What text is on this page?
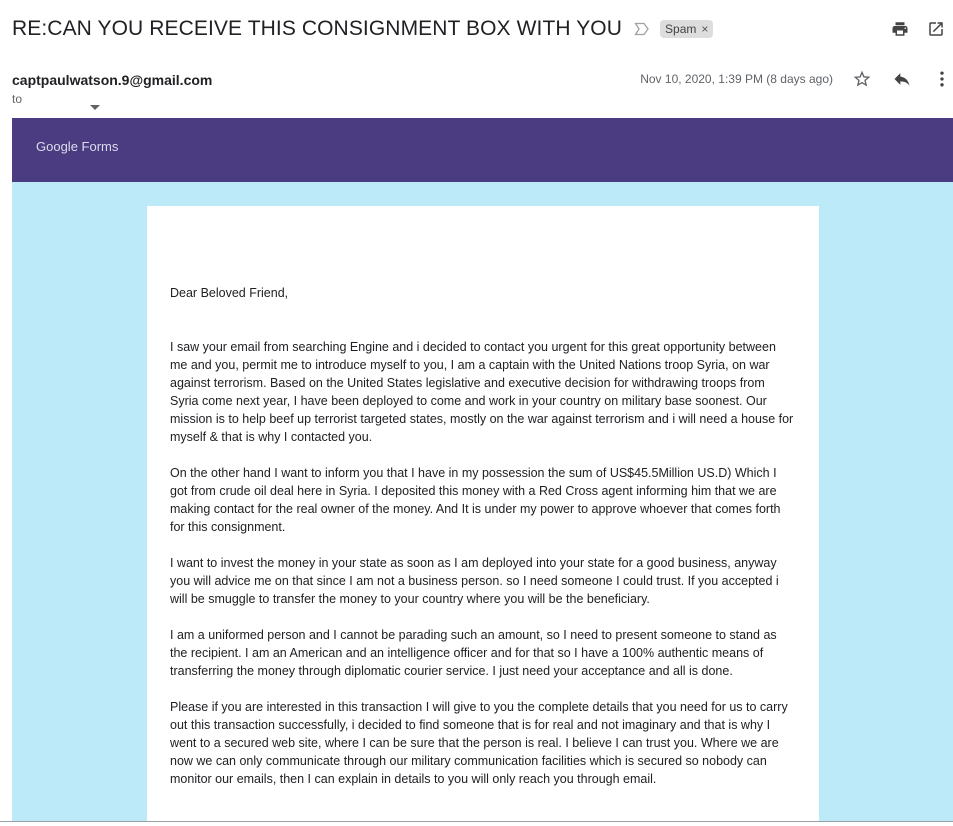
RE:CAN YOU RECEIVE THIS CONSIGNMENT BOX WITH YOU	Spam ×
captpaulwatson.9@gmail.com
to
Nov 10, 2020, 1:39 PM (8 days ago)
Google Forms

Dear Beloved Friend,

I saw your email from searching Engine and i decided to contact you urgent for this great opportunity between me and you, permit me to introduce myself to you, I am a captain with the United Nations troop Syria, on war against terrorism. Based on the United States legislative and executive decision for withdrawing troops from Syria come next year, I have been deployed to come and work in your country on military base soonest. Our mission is to help beef up terrorist targeted states, mostly on the war against terrorism and i will need a house for myself & that is why I contacted you.

On the other hand I want to inform you that I have in my possession the sum of US$45.5Million US.D) Which I got from crude oil deal here in Syria. I deposited this money with a Red Cross agent informing him that we are making contact for the real owner of the money. And It is under my power to approve whoever that comes forth for this consignment.

I want to invest the money in your state as soon as I am deployed into your state for a good business, anyway you will advice me on that since I am not a business person. so I need someone I could trust. If you accepted i will be smuggle to transfer the money to your country where you will be the beneficiary.

I am a uniformed person and I cannot be parading such an amount, so I need to present someone to stand as the recipient. I am an American and an intelligence officer and for that so I have a 100% authentic means of transferring the money through diplomatic courier service. I just need your acceptance and all is done.

Please if you are interested in this transaction I will give to you the complete details that you need for us to carry out this transaction successfully, i decided to find someone that is for real and not imaginary and that is why I went to a secured web site, where I can be sure that the person is real. I believe I can trust you. Where we are now we can only communicate through our military communication facilities which is secured so nobody can monitor our emails, then I can explain in details to you will only reach you through email.
